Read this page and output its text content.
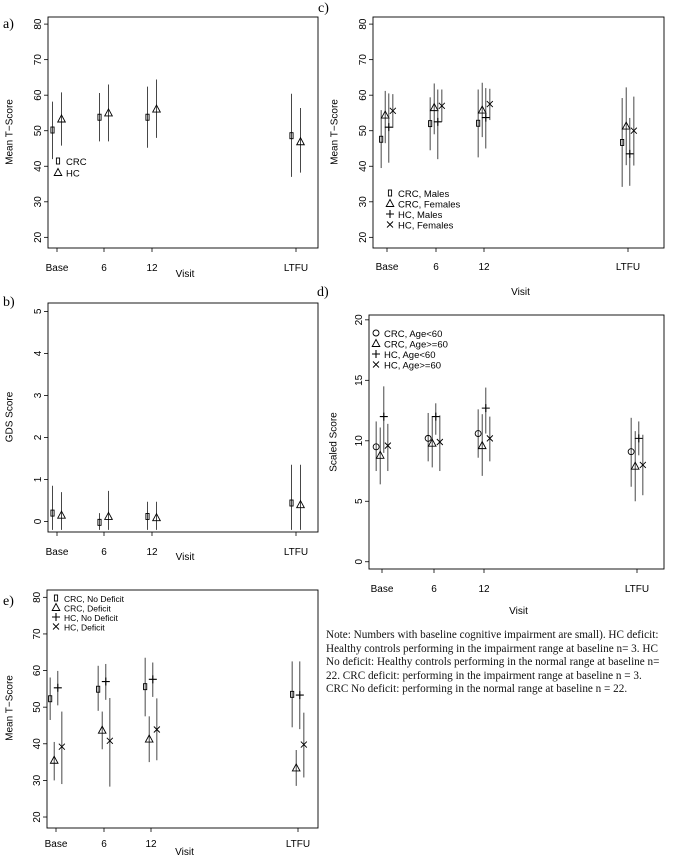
a)
20
30
40
50
60
70
80
Base	6	12	LTFU
Visit
Mean T−Score	CRC
HC
b)
0
1
2
3
4
5
Base	6	12	LTFU
Visit
GDS Score
c)
20
30
40
50
60
70
80
Base	6	12	LTFU
Visit
Mean T−Score
CRC, Males
CRC, Females
HC, Males
HC, Females
d)
0
5
10
15
20
Base	6	12	LTFU
Visit
Scaled Score
CRC, Age<60
CRC, Age>=60
HC, Age<60
HC, Age>=60
e)
20
30
40
50
60
70
80
Base	6	12	LTFU
Visit
Mean T−Score
CRC, No Deficit
CRC, Deficit
HC, No Deficit
HC, Deficit
Note: Numbers with baseline cognitive impairment are small). HC deficit: Healthy controls performing in the impairment range at baseline n= 3. HC No deficit: Healthy controls performing in the normal range at baseline n= 22. CRC deficit: performing in the impairment range at baseline n = 3. CRC No deficit: performing in the normal range at baseline n = 22.
